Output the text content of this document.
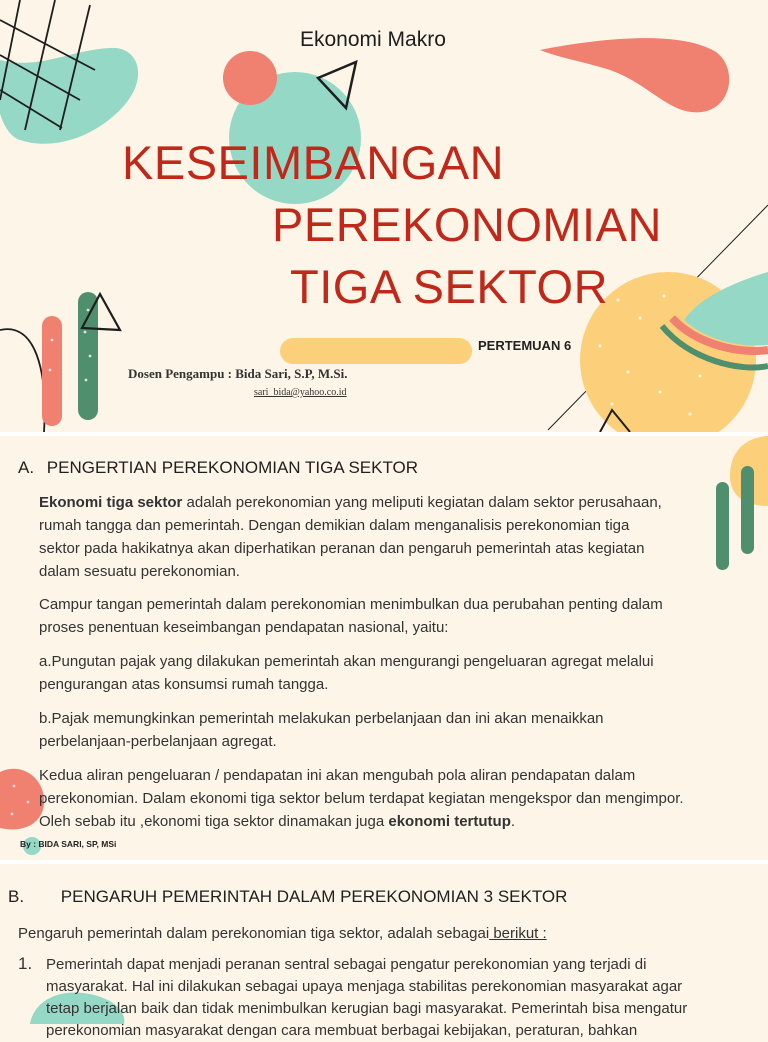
Ekonomi Makro
KESEIMBANGAN
PEREKONOMIAN
TIGA SEKTOR
PERTEMUAN 6
Dosen Pengampu : Bida Sari, S.P, M.Si.
sari_bida@yahoo.co.id
A. PENGERTIAN PEREKONOMIAN TIGA SEKTOR
Ekonomi tiga sektor adalah perekonomian yang meliputi kegiatan dalam sektor perusahaan,
rumah tangga dan pemerintah. Dengan demikian dalam menganalisis perekonomian tiga
sektor pada hakikatnya akan diperhatikan peranan dan pengaruh pemerintah atas kegiatan
dalam sesuatu perekonomian.
Campur tangan pemerintah dalam perekonomian menimbulkan dua perubahan penting dalam
proses penentuan keseimbangan pendapatan nasional, yaitu:
a.Pungutan pajak yang dilakukan pemerintah akan mengurangi pengeluaran agregat melalui
pengurangan atas konsumsi rumah tangga.
b.Pajak memungkinkan pemerintah melakukan perbelanjaan dan ini akan menaikkan
perbelanjaan-perbelanjaan agregat.
Kedua aliran pengeluaran / pendapatan ini akan mengubah pola aliran pendapatan dalam
perekonomian. Dalam ekonomi tiga sektor belum terdapat kegiatan mengekspor dan mengimpor.
Oleh sebab itu ,ekonomi tiga sektor dinamakan juga ekonomi tertutup.
By : BIDA SARI, SP, MSi
B. PENGARUH PEMERINTAH DALAM PEREKONOMIAN 3 SEKTOR
Pengaruh pemerintah dalam perekonomian tiga sektor, adalah sebagai berikut :
1. Pemerintah dapat menjadi peranan sentral sebagai pengatur perekonomian yang terjadi di
masyarakat. Hal ini dilakukan sebagai upaya menjaga stabilitas perekonomian masyarakat agar
tetap berjalan baik dan tidak menimbulkan kerugian bagi masyarakat. Pemerintah bisa mengatur
perekonomian masyarakat dengan cara membuat berbagai kebijakan, peraturan, bahkan
